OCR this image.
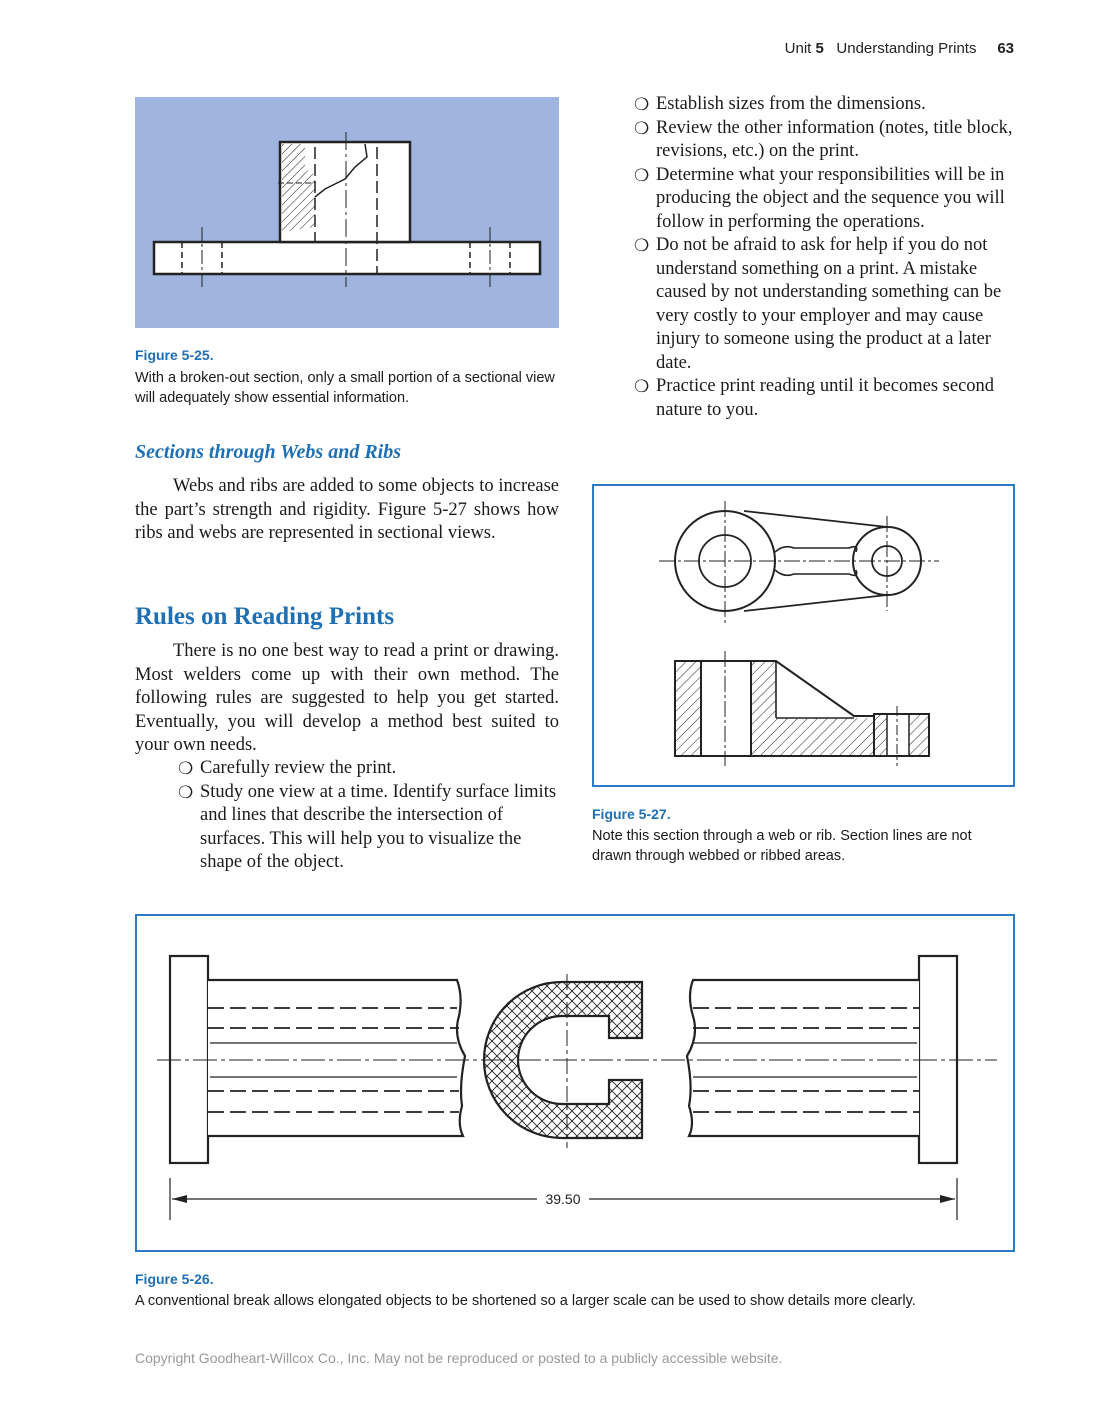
Unit 5 Understanding Prints 63
Figure 5-25.
With a broken-out section, only a small portion of a sectional view will adequately show essential information.
Sections through Webs and Ribs
Webs and ribs are added to some objects to increase the part’s strength and rigidity. Figure 5-27 shows how ribs and webs are represented in sectional views.
Rules on Reading Prints
There is no one best way to read a print or drawing. Most welders come up with their own method. The following rules are suggested to help you get started. Eventually, you will develop a method best suited to your own needs.
❍ Carefully review the print.
❍ Study one view at a time. Identify surface limits and lines that describe the intersection of surfaces. This will help you to visualize the shape of the object.
❍ Establish sizes from the dimensions.
❍ Review the other information (notes, title block, revisions, etc.) on the print.
❍ Determine what your responsibilities will be in producing the object and the sequence you will follow in performing the operations.
❍ Do not be afraid to ask for help if you do not understand something on a print. A mistake caused by not understanding something can be very costly to your employer and may cause injury to someone using the product at a later date.
❍ Practice print reading until it becomes second nature to you.
Figure 5-27.
Note this section through a web or rib. Section lines are not drawn through webbed or ribbed areas.
39.50
Figure 5-26.
A conventional break allows elongated objects to be shortened so a larger scale can be used to show details more clearly.
Copyright Goodheart-Willcox Co., Inc. May not be reproduced or posted to a publicly accessible website.
